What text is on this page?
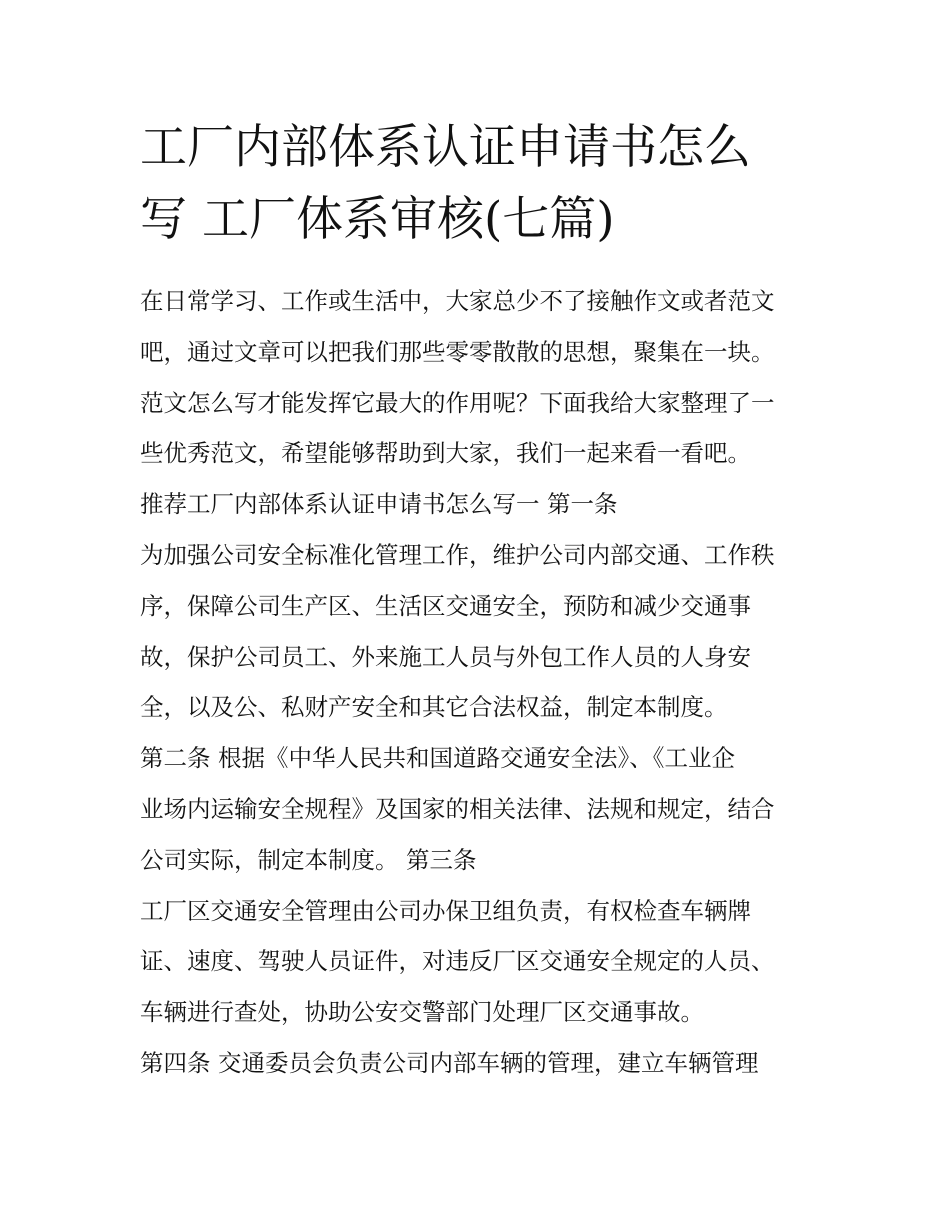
工厂内部体系认证申请书怎么
写 工厂体系审核(七篇)
在日常学习、工作或生活中，大家总少不了接触作文或者范文
吧，通过文章可以把我们那些零零散散的思想，聚集在一块。
范文怎么写才能发挥它最大的作用呢？下面我给大家整理了一
些优秀范文，希望能够帮助到大家，我们一起来看一看吧。
推荐工厂内部体系认证申请书怎么写一 第一条
为加强公司安全标准化管理工作，维护公司内部交通、工作秩
序，保障公司生产区、生活区交通安全，预防和减少交通事
故，保护公司员工、外来施工人员与外包工作人员的人身安
全，以及公、私财产安全和其它合法权益，制定本制度。
第二条 根据《中华人民共和国道路交通安全法》、《工业企
业场内运输安全规程》及国家的相关法律、法规和规定，结合
公司实际，制定本制度。 第三条
工厂区交通安全管理由公司办保卫组负责，有权检查车辆牌
证、速度、驾驶人员证件，对违反厂区交通安全规定的人员、
车辆进行查处，协助公安交警部门处理厂区交通事故。
第四条 交通委员会负责公司内部车辆的管理，建立车辆管理
